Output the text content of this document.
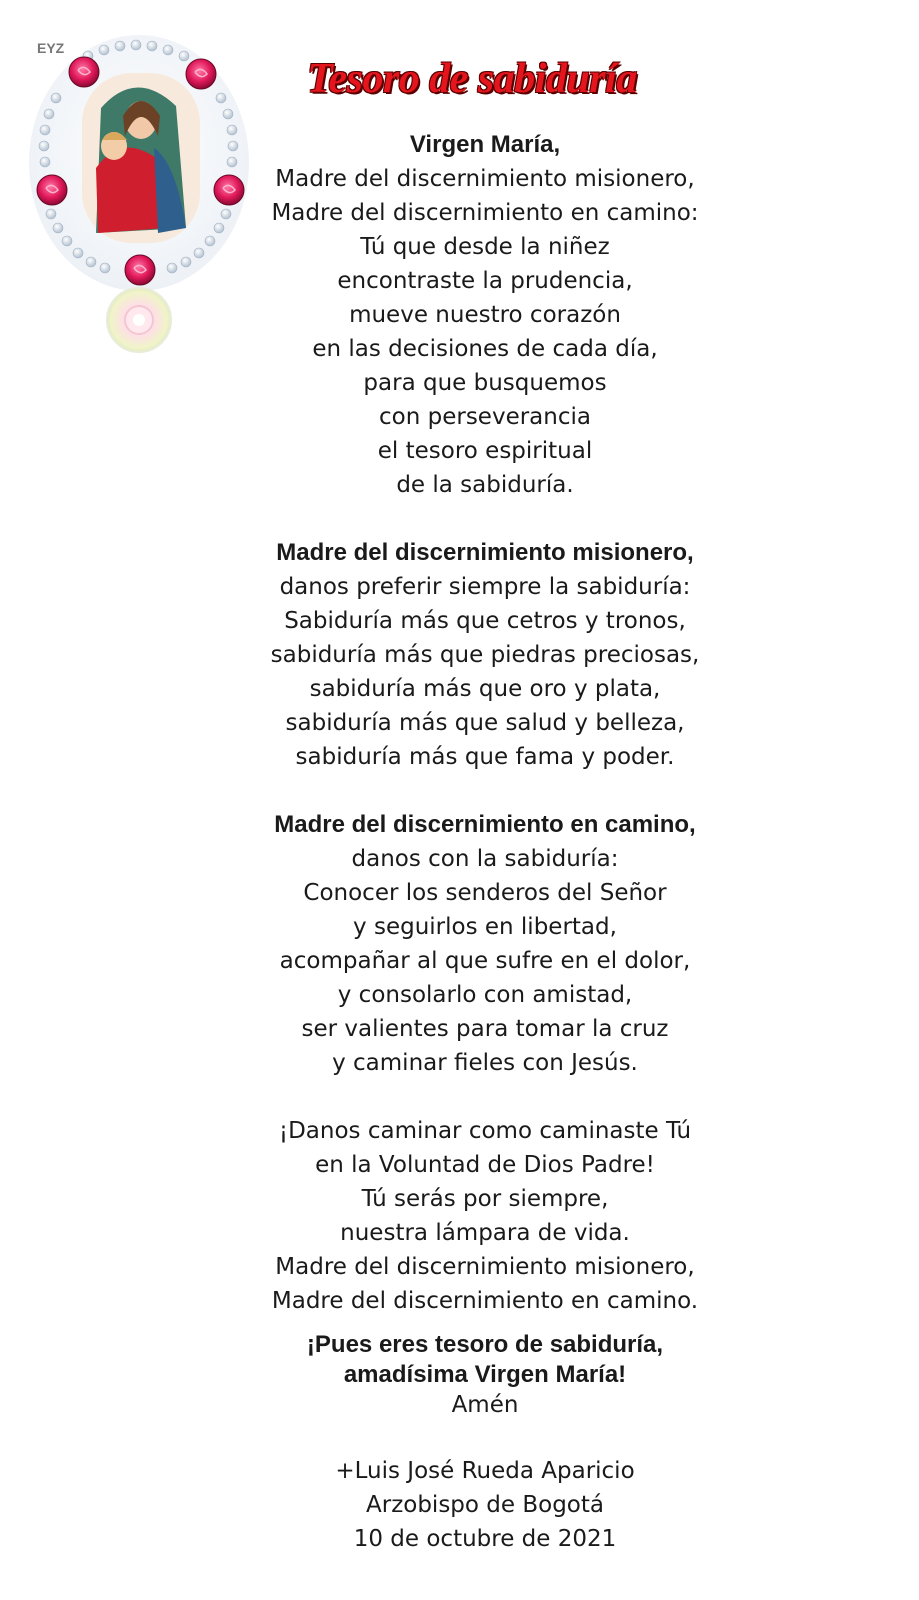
EYZ
Tesoro de sabiduría
Virgen María,
Madre del discernimiento misionero,
Madre del discernimiento en camino:
Tú que desde la niñez
encontraste la prudencia,
mueve nuestro corazón
en las decisiones de cada día,
para que busquemos
con perseverancia
el tesoro espiritual
de la sabiduría.
Madre del discernimiento misionero,
danos preferir siempre la sabiduría:
Sabiduría más que cetros y tronos,
sabiduría más que piedras preciosas,
sabiduría más que oro y plata,
sabiduría más que salud y belleza,
sabiduría más que fama y poder.
Madre del discernimiento en camino,
danos con la sabiduría:
Conocer los senderos del Señor
y seguirlos en libertad,
acompañar al que sufre en el dolor,
y consolarlo con amistad,
ser valientes para tomar la cruz
y caminar fieles con Jesús.
¡Danos caminar como caminaste Tú
en la Voluntad de Dios Padre!
Tú serás por siempre,
nuestra lámpara de vida.
Madre del discernimiento misionero,
Madre del discernimiento en camino.
¡Pues eres tesoro de sabiduría,
amadísima Virgen María!
Amén
+Luis José Rueda Aparicio
Arzobispo de Bogotá
10 de octubre de 2021
